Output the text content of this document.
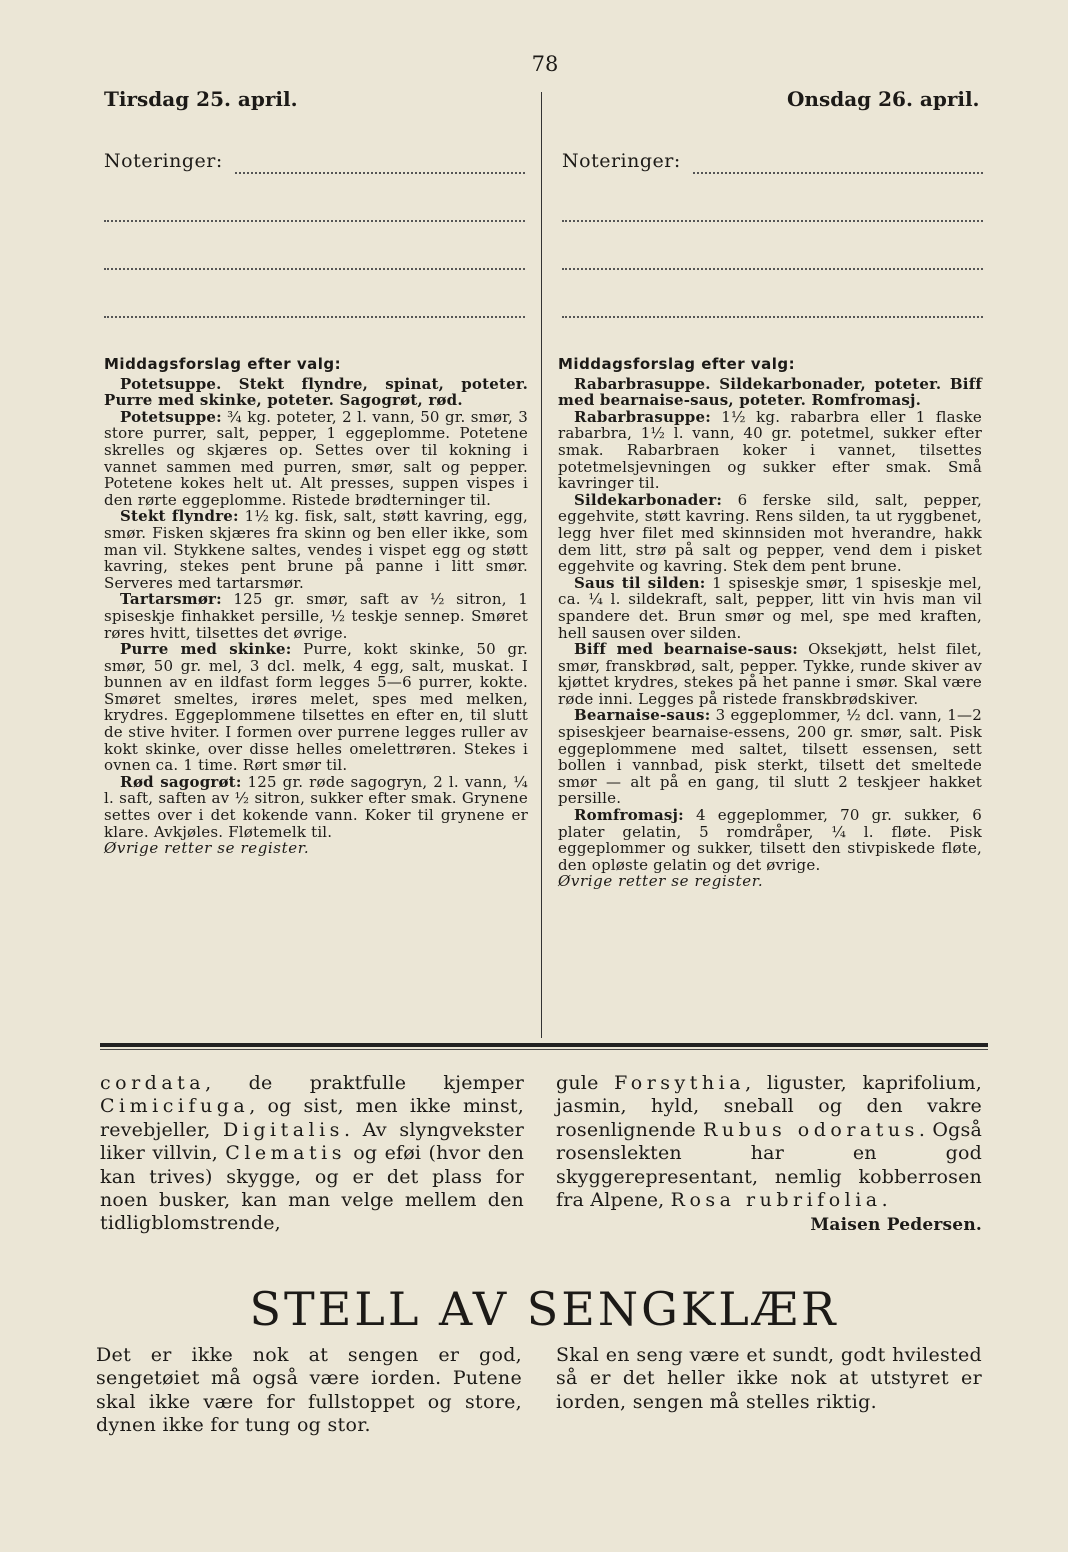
78
Tirsdag 25. april.	Onsdag 26. april.
Noteringer:	Noteringer:

Middagsforslag efter valg:

Potetsuppe. Stekt flyndre, spinat, poteter. Purre med skinke, poteter. Sagogrøt, rød.

Potetsuppe: ¾ kg. poteter, 2 l. vann, 50 gr. smør, 3 store purrer, salt, pepper, 1 eggeplomme. Potetene skrelles og skjæres op. Settes over til kokning i vannet sammen med purren, smør, salt og pepper. Potetene kokes helt ut. Alt presses, suppen vispes i den rørte eggeplomme. Ristede brødterninger til.

Stekt flyndre: 1½ kg. fisk, salt, støtt kavring, egg, smør. Fisken skjæres fra skinn og ben eller ikke, som man vil. Stykkene saltes, vendes i vispet egg og støtt kavring, stekes pent brune på panne i litt smør. Serveres med tartarsmør.

Tartarsmør: 125 gr. smør, saft av ½ sitron, 1 spiseskje finhakket persille, ½ teskje sennep. Smøret røres hvitt, tilsettes det øvrige.

Purre med skinke: Purre, kokt skinke, 50 gr. smør, 50 gr. mel, 3 dcl. melk, 4 egg, salt, muskat. I bunnen av en ildfast form legges 5—6 purrer, kokte. Smøret smeltes, irøres melet, spes med melken, krydres. Eggeplommene tilsettes en efter en, til slutt de stive hviter. I formen over purrene legges ruller av kokt skinke, over disse helles omelettrøren. Stekes i ovnen ca. 1 time. Rørt smør til.

Rød sagogrøt: 125 gr. røde sagogryn, 2 l. vann, ¼ l. saft, saften av ½ sitron, sukker efter smak. Grynene settes over i det kokende vann. Koker til grynene er klare. Avkjøles. Fløtemelk til.

Øvrige retter se register.

Middagsforslag efter valg:

Rabarbrasuppe. Sildekarbonader, poteter. Biff med bearnaise-saus, poteter. Romfromasj.

Rabarbrasuppe: 1½ kg. rabarbra eller 1 flaske rabarbra, 1½ l. vann, 40 gr. potetmel, sukker efter smak. Rabarbraen koker i vannet, tilsettes potetmelsjevningen og sukker efter smak. Små kavringer til.

Sildekarbonader: 6 ferske sild, salt, pepper, eggehvite, støtt kavring. Rens silden, ta ut ryggbenet, legg hver filet med skinnsiden mot hverandre, hakk dem litt, strø på salt og pepper, vend dem i pisket eggehvite og kavring. Stek dem pent brune.

Saus til silden: 1 spiseskje smør, 1 spiseskje mel, ca. ¼ l. sildekraft, salt, pepper, litt vin hvis man vil spandere det. Brun smør og mel, spe med kraften, hell sausen over silden.

Biff med bearnaise-saus: Oksekjøtt, helst filet, smør, franskbrød, salt, pepper. Tykke, runde skiver av kjøttet krydres, stekes på het panne i smør. Skal være røde inni. Legges på ristede franskbrødskiver.

Bearnaise-saus: 3 eggeplommer, ½ dcl. vann, 1—2 spiseskjeer bearnaise-essens, 200 gr. smør, salt. Pisk eggeplommene med saltet, tilsett essensen, sett bollen i vannbad, pisk sterkt, tilsett det smeltede smør — alt på en gang, til slutt 2 teskjeer hakket persille.

Romfromasj: 4 eggeplommer, 70 gr. sukker, 6 plater gelatin, 5 romdråper, ¼ l. fløte. Pisk eggeplommer og sukker, tilsett den stivpiskede fløte, den opløste gelatin og det øvrige.

Øvrige retter se register.

cordata, de praktfulle kjemper Cimicifuga, og sist, men ikke minst, revebjeller, Digitalis. Av slyngvekster liker villvin, Clematis og eføi (hvor den kan trives) skygge, og er det plass for noen busker, kan man velge mellem den tidligblomstrende,

gule Forsythia, liguster, kaprifolium, jasmin, hyld, sneball og den vakre rosenlignende Rubus odoratus. Også rosenslekten har en god skyggerepresentant, nemlig kobberrosen fra Alpene, Rosa rubrifolia.

Maisen Pedersen.
STELL AV SENGKLÆR

Det er ikke nok at sengen er god, sengetøiet må også være iorden. Putene skal ikke være for fullstoppet og store, dynen ikke for tung og stor.

Skal en seng være et sundt, godt hvilested så er det heller ikke nok at utstyret er iorden, sengen må stelles riktig.
